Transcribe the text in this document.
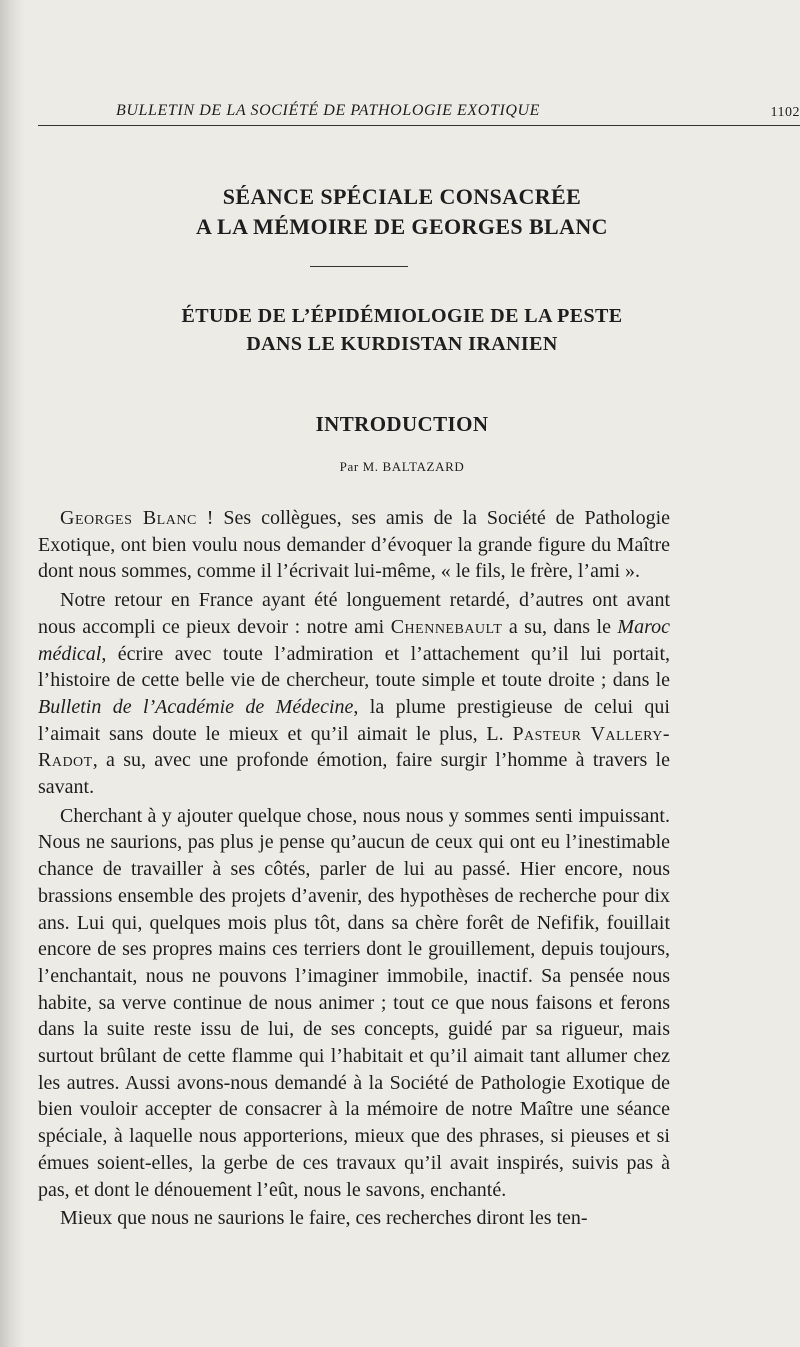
BULLETIN DE LA SOCIÉTÉ DE PATHOLOGIE EXOTIQUE	1102
SÉANCE SPÉCIALE CONSACRÉE
A LA MÉMOIRE DE GEORGES BLANC
ÉTUDE DE L’ÉPIDÉMIOLOGIE DE LA PESTE
DANS LE KURDISTAN IRANIEN
INTRODUCTION
Par M. BALTAZARD

Georges Blanc ! Ses collègues, ses amis de la Société de Pathologie Exotique, ont bien voulu nous demander d’évoquer la grande figure du Maître dont nous sommes, comme il l’écrivait lui-même, « le fils, le frère, l’ami ».

Notre retour en France ayant été longuement retardé, d’autres ont avant nous accompli ce pieux devoir : notre ami Chennebault a su, dans le Maroc médical, écrire avec toute l’admiration et l’attachement qu’il lui portait, l’histoire de cette belle vie de chercheur, toute simple et toute droite ; dans le Bulletin de l’Académie de Médecine, la plume prestigieuse de celui qui l’aimait sans doute le mieux et qu’il aimait le plus, L. Pasteur Vallery-Radot, a su, avec une profonde émotion, faire surgir l’homme à travers le savant.

Cherchant à y ajouter quelque chose, nous nous y sommes senti impuissant. Nous ne saurions, pas plus je pense qu’aucun de ceux qui ont eu l’inestimable chance de travailler à ses côtés, parler de lui au passé. Hier encore, nous brassions ensemble des projets d’avenir, des hypothèses de recherche pour dix ans. Lui qui, quelques mois plus tôt, dans sa chère forêt de Nefifik, fouillait encore de ses propres mains ces terriers dont le grouillement, depuis toujours, l’enchantait, nous ne pouvons l’imaginer immobile, inactif. Sa pensée nous habite, sa verve continue de nous animer ; tout ce que nous faisons et ferons dans la suite reste issu de lui, de ses concepts, guidé par sa rigueur, mais surtout brûlant de cette flamme qui l’habitait et qu’il aimait tant allumer chez les autres. Aussi avons-nous demandé à la Société de Pathologie Exotique de bien vouloir accepter de consacrer à la mémoire de notre Maître une séance spéciale, à laquelle nous apporterions, mieux que des phrases, si pieuses et si émues soient-elles, la gerbe de ces travaux qu’il avait inspirés, suivis pas à pas, et dont le dénouement l’eût, nous le savons, enchanté.

Mieux que nous ne saurions le faire, ces recherches diront les ten-
